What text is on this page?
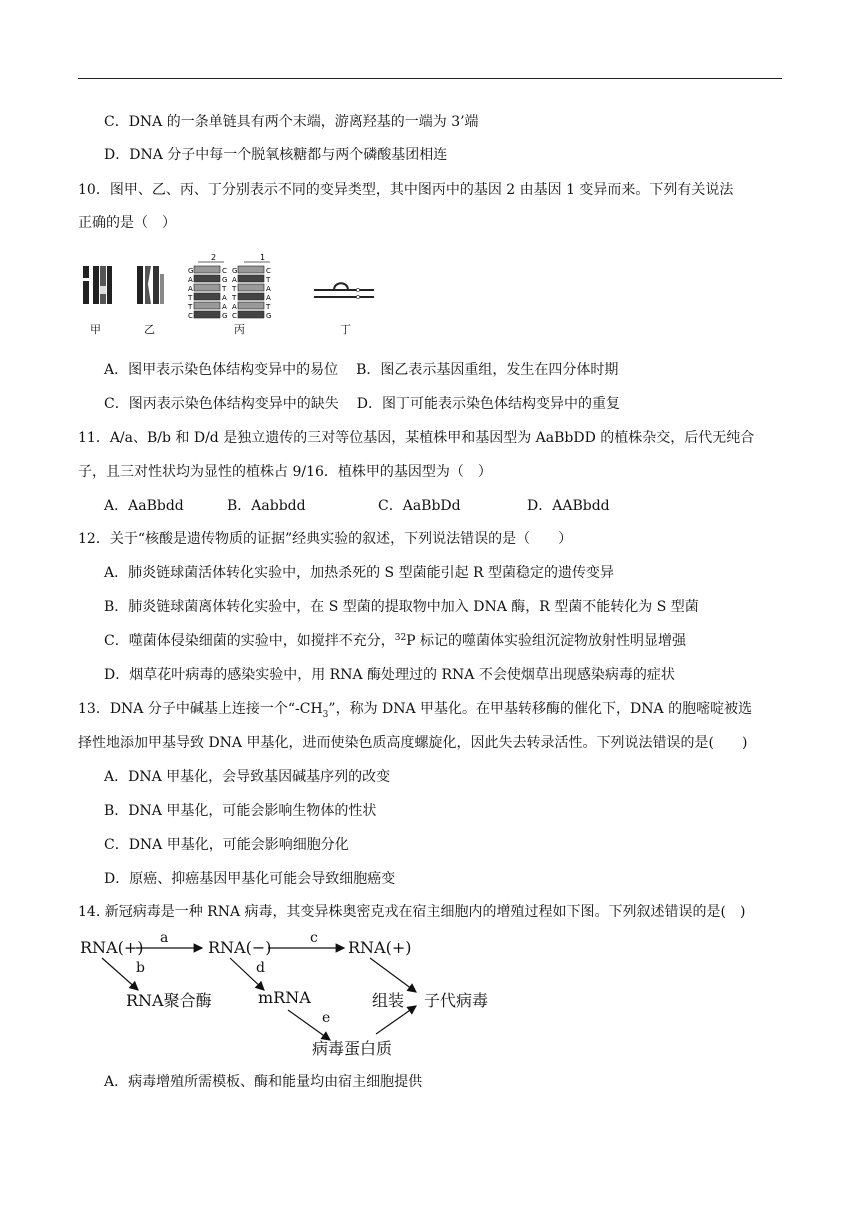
C．DNA 的一条单链具有两个末端，游离羟基的一端为 3’端
D．DNA 分子中每一个脱氧核糖都与两个磷酸基团相连
10．图甲、乙、丙、丁分别表示不同的变异类型，其中图丙中的基因 2 由基因 1 变异而来。下列有关说法
正确的是（　）
2	1
G	C
A	G
A	T
T	A
T	A
C	G
G	C
A	T
T	A
T	A
A	T
C	G
甲	乙	丙	丁
A．图甲表示染色体结构变异中的易位 B．图乙表示基因重组，发生在四分体时期
C．图丙表示染色体结构变异中的缺失 D．图丁可能表示染色体结构变异中的重复
11．A/a、B/b 和 D/d 是独立遗传的三对等位基因，某植株甲和基因型为 AaBbDD 的植株杂交，后代无纯合
子，且三对性状均为显性的植株占 9/16．植株甲的基因型为（　）
A．AaBbdd	B．Aabbdd	C．AaBbDd	D．AABbdd
12．关于“核酸是遗传物质的证据”经典实验的叙述，下列说法错误的是（　　）
A．肺炎链球菌活体转化实验中，加热杀死的 S 型菌能引起 R 型菌稳定的遗传变异
B．肺炎链球菌离体转化实验中，在 S 型菌的提取物中加入 DNA 酶，R 型菌不能转化为 S 型菌
C．噬菌体侵染细菌的实验中，如搅拌不充分，$^{32}$P 标记的噬菌体实验组沉淀物放射性明显增强
D．烟草花叶病毒的感染实验中，用 RNA 酶处理过的 RNA 不会使烟草出现感染病毒的症状
13．DNA 分子中碱基上连接一个“$-CH_3$”，称为 DNA 甲基化。在甲基转移酶的催化下，DNA 的胞嘧啶被选
择性地添加甲基导致 DNA 甲基化，进而使染色质高度螺旋化，因此失去转录活性。下列说法错误的是(　　)
A．DNA 甲基化，会导致基因碱基序列的改变
B．DNA 甲基化，可能会影响生物体的性状
C．DNA 甲基化，可能会影响细胞分化
D．原癌、抑癌基因甲基化可能会导致细胞癌变
14. 新冠病毒是一种 RNA 病毒，其变异株奥密克戎在宿主细胞内的增殖过程如下图。下列叙述错误的是(　)
RNA(+)	RNA(−)	RNA(+)
RNA聚合酶	mRNA	组装 子代病毒
病毒蛋白质
a
b
c
d
e
A．病毒增殖所需模板、酶和能量均由宿主细胞提供
